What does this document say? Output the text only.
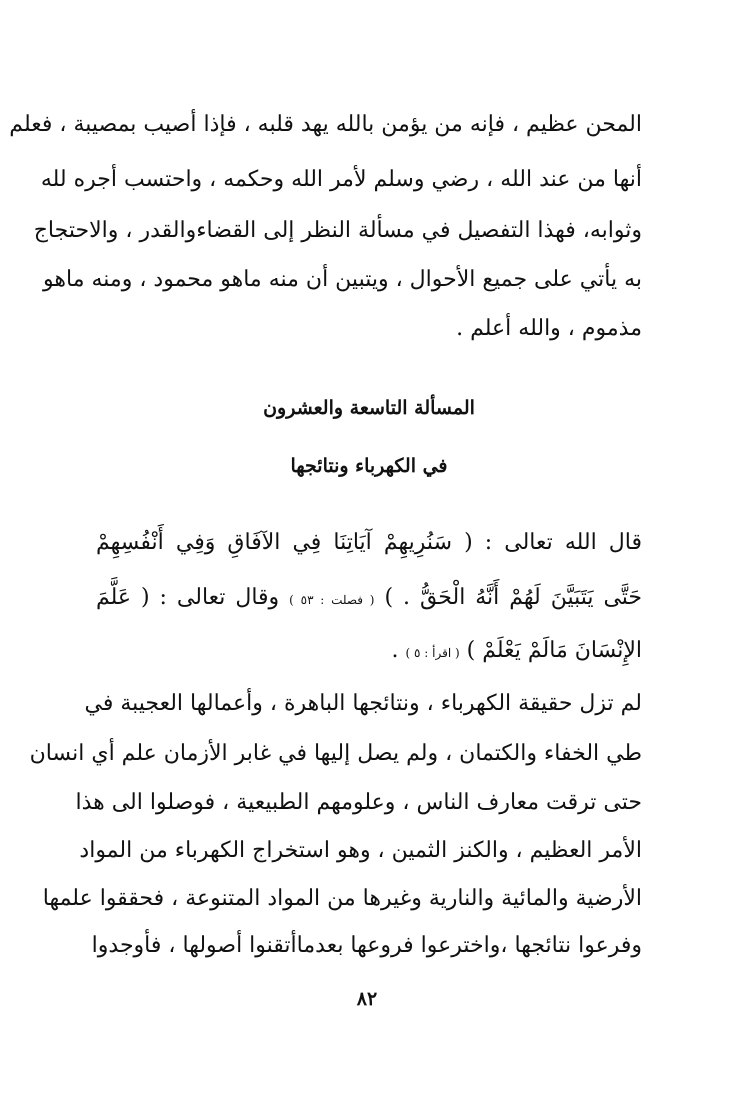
المحن عظيم ، فإنه من يؤمن بالله يهد قلبه ، فإذا أصيب بمصيبة ، فعلم
أنها من عند الله ، رضي وسلم لأمر الله وحكمه ، واحتسب أجره لله
وثوابه، فهذا التفصيل في مسألة النظر إلى القضاءوالقدر ، والاحتجاج
به يأتي على جميع الأحوال ، ويتبين أن منه ماهو محمود ، ومنه ماهو
مذموم ، والله أعلم .
المسألة التاسعة والعشرون
في الكهرباء ونتائجها
قال الله تعالى : ( سَنُرِيهِمْ آيَاتِنَا فِي الآفَاقِ وَفِي أَنْفُسِهِمْ
حَتَّى يَتَبَيَّنَ لَهُمْ أَنَّهُ الْحَقُّ . ) ( فصلت : ٥٣ ) وقال تعالى : ( عَلَّمَ
الإِنْسَانَ مَالَمْ يَعْلَمْ ) ( اقرأ : ٥ ) .
لم تزل حقيقة الكهرباء ، ونتائجها الباهرة ، وأعمالها العجيبة في
طي الخفاء والكتمان ، ولم يصل إليها في غابر الأزمان علم أي انسان
حتى ترقت معارف الناس ، وعلومهم الطبيعية ، فوصلوا الى هذا
الأمر العظيم ، والكنز الثمين ، وهو استخراج الكهرباء من المواد
الأرضية والمائية والنارية وغيرها من المواد المتنوعة ، فحققوا علمها
وفرعوا نتائجها ،واخترعوا فروعها بعدماأتقنوا أصولها ، فأوجدوا
٨٢
